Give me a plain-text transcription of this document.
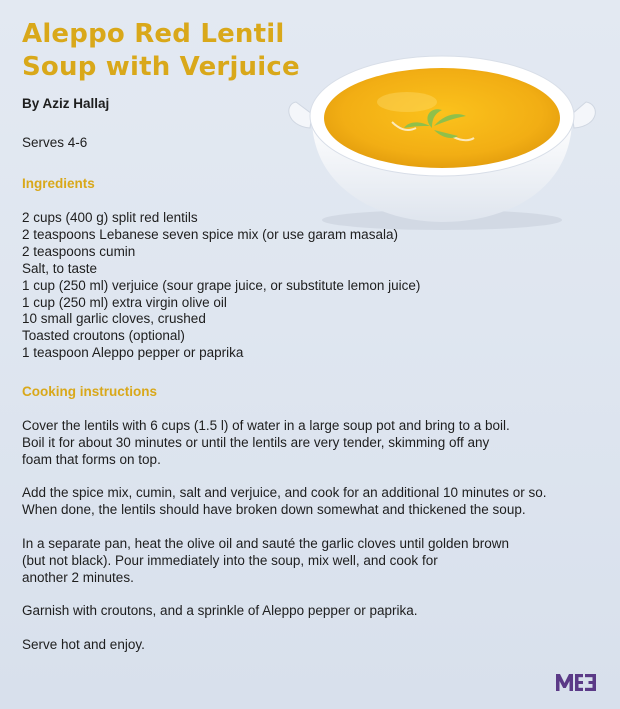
Aleppo Red Lentil
Soup with Verjuice
By Aziz Hallaj
Serves 4-6
Ingredients
2 cups (400 g) split red lentils
2 teaspoons Lebanese seven spice mix (or use garam masala)
2 teaspoons cumin
Salt, to taste
1 cup (250 ml) verjuice (sour grape juice, or substitute lemon juice)
1 cup (250 ml) extra virgin olive oil
10 small garlic cloves, crushed
Toasted croutons (optional)
1 teaspoon Aleppo pepper or paprika
Cooking instructions

Cover the lentils with 6 cups (1.5 l) of water in a large soup pot and bring to a boil.
Boil it for about 30 minutes or until the lentils are very tender, skimming off any
foam that forms on top.

Add the spice mix, cumin, salt and verjuice, and cook for an additional 10 minutes or so.
When done, the lentils should have broken down somewhat and thickened the soup.

In a separate pan, heat the olive oil and sauté the garlic cloves until golden brown
(but not black). Pour immediately into the soup, mix well, and cook for
another 2 minutes.

Garnish with croutons, and a sprinkle of Aleppo pepper or paprika.

Serve hot and enjoy.
